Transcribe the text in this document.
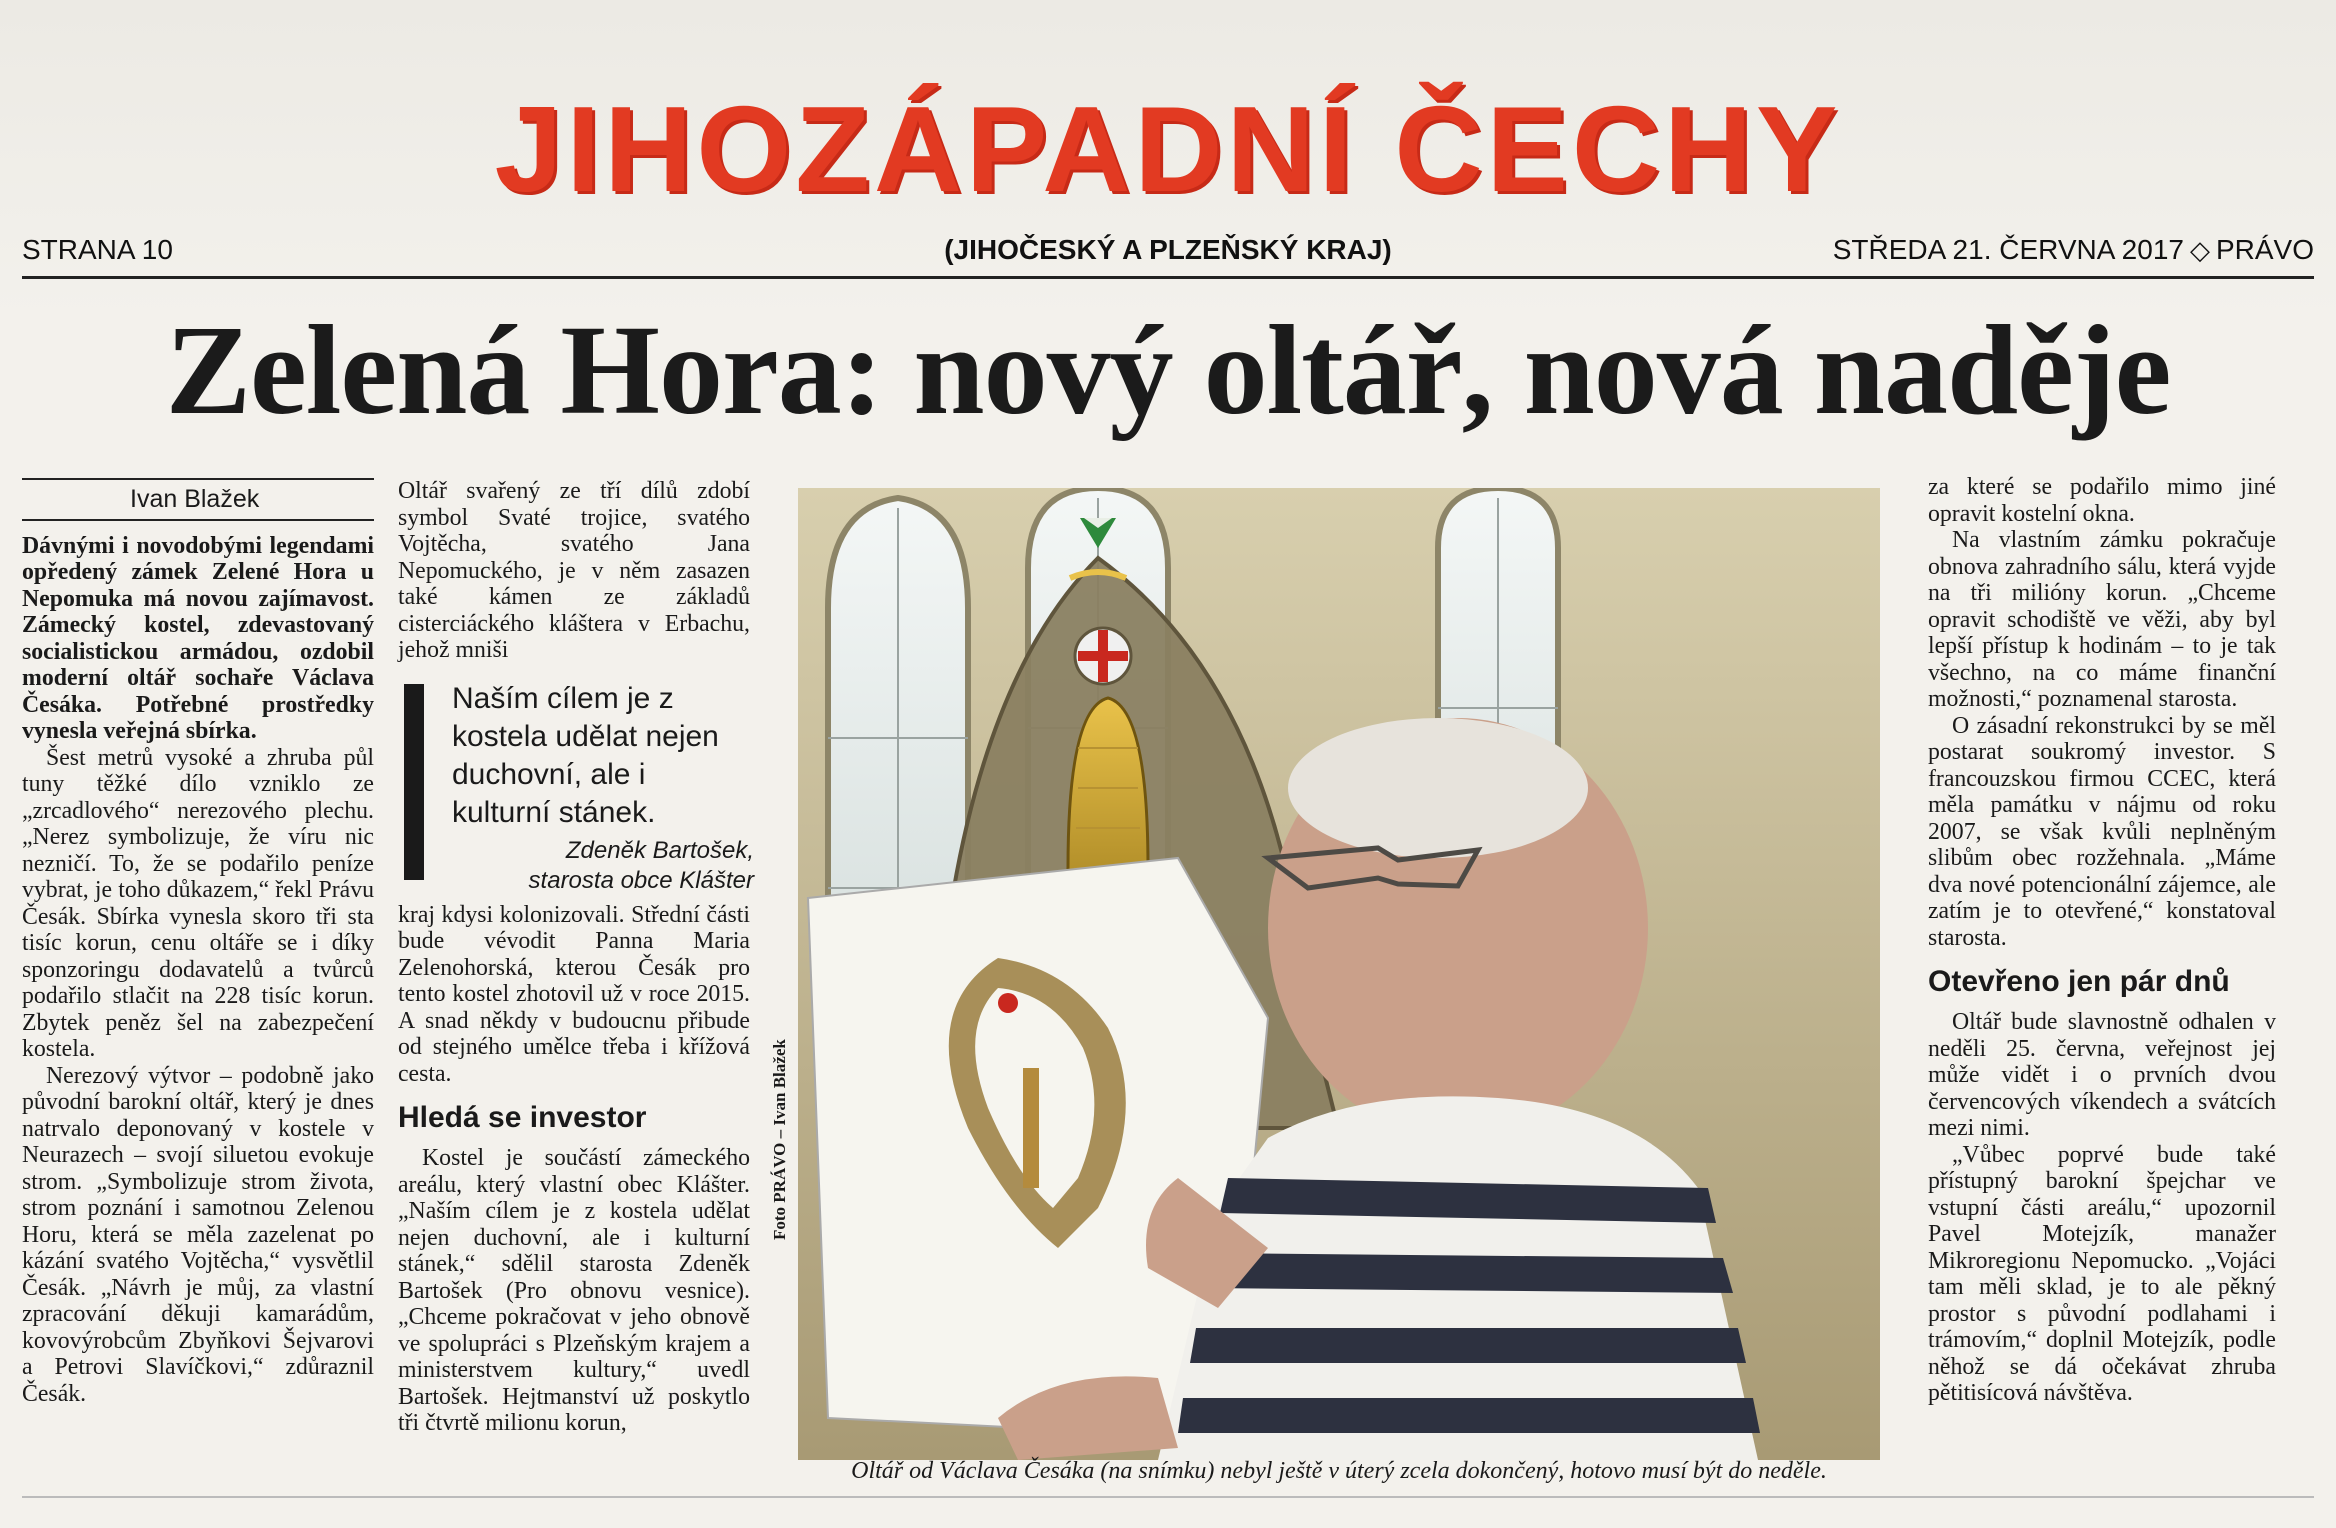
JIHOZÁPADNÍ ČECHY
STRANA 10	(JIHOČESKÝ A PLZEŇSKÝ KRAJ)	STŘEDA 21. ČERVNA 2017 ◇ PRÁVO
Zelená Hora: nový oltář, nová naděje
Ivan Blažek

Dávnými i novodobými legendami opředený zámek Zelené Hora u Nepomuka má novou zajímavost. Zámecký kostel, zdevastovaný socialistickou armádou, ozdobil moderní oltář sochaře Václava Česáka. Potřebné prostředky vynesla veřejná sbírka.

Šest metrů vysoké a zhruba půl tuny těžké dílo vzniklo ze „zrcadlového“ nerezového plechu. „Nerez symbolizuje, že víru nic nezničí. To, že se podařilo peníze vybrat, je toho důkazem,“ řekl Právu Česák. Sbírka vynesla skoro tři sta tisíc korun, cenu oltáře se i díky sponzoringu dodavatelů a tvůrců podařilo stlačit na 228 tisíc korun. Zbytek peněz šel na zabezpečení kostela.

Nerezový výtvor – podobně jako původní barokní oltář, který je dnes natrvalo deponovaný v kostele v Neurazech – svojí siluetou evokuje strom. „Symbolizuje strom života, strom poznání i samotnou Zelenou Horu, která se měla zazelenat po kázání svatého Vojtěcha,“ vysvětlil Česák. „Návrh je můj, za vlastní zpracování děkuji kamarádům, kovovýrobcům Zbyňkovi Šejvarovi a Petrovi Slavíčkovi,“ zdůraznil Česák.

Oltář svařený ze tří dílů zdobí symbol Svaté trojice, svatého Vojtěcha, svatého Jana Nepomuckého, je v něm zasazen také kámen ze základů cisterciáckého kláštera v Erbachu, jehož mniši

kraj kdysi kolonizovali. Střední části bude vévodit Panna Maria Zelenohorská, kterou Česák pro tento kostel zhotovil už v roce 2015. A snad někdy v budoucnu přibude od stejného umělce třeba i křížová cesta.

Hledá se investor

Kostel je součástí zámeckého areálu, který vlastní obec Klášter. „Naším cílem je z kostela udělat nejen duchovní, ale i kulturní stánek,“ sdělil starosta Zdeněk Bartošek (Pro obnovu vesnice). „Chceme pokračovat v jeho obnově ve spolupráci s Plzeňským krajem a ministerstvem kultury,“ uvedl Bartošek. Hejtmanství už poskytlo tři čtvrtě milionu korun,

Naším cílem je z kostela udělat nejen duchovní, ale i kulturní stánek.
Zdeněk Bartošek,
starosta obce Klášter
Foto PRÁVO – Ivan Blažek
Oltář od Václava Česáka (na snímku) nebyl ještě v úterý zcela dokončený, hotovo musí být do neděle.

za které se podařilo mimo jiné opravit kostelní okna.

Na vlastním zámku pokračuje obnova zahradního sálu, která vyjde na tři milióny korun. „Chceme opravit schodiště ve věži, aby byl lepší přístup k hodinám – to je tak všechno, na co máme finanční možnosti,“ poznamenal starosta.

O zásadní rekonstrukci by se měl postarat soukromý investor. S francouzskou firmou CCEC, která měla památku v nájmu od roku 2007, se však kvůli neplněným slibům obec rozžehnala. „Máme dva nové potencionální zájemce, ale zatím je to otevřené,“ konstatoval starosta.

Otevřeno jen pár dnů

Oltář bude slavnostně odhalen v neděli 25. června, veřejnost jej může vidět i o prvních dvou červencových víkendech a svátcích mezi nimi.

„Vůbec poprvé bude také přístupný barokní špejchar ve vstupní části areálu,“ upozornil Pavel Motejzík, manažer Mikroregionu Nepomucko. „Vojáci tam měli sklad, je to ale pěkný prostor s původní podlahami i trámovím,“ doplnil Motejzík, podle něhož se dá očekávat zhruba pětitisícová návštěva.
